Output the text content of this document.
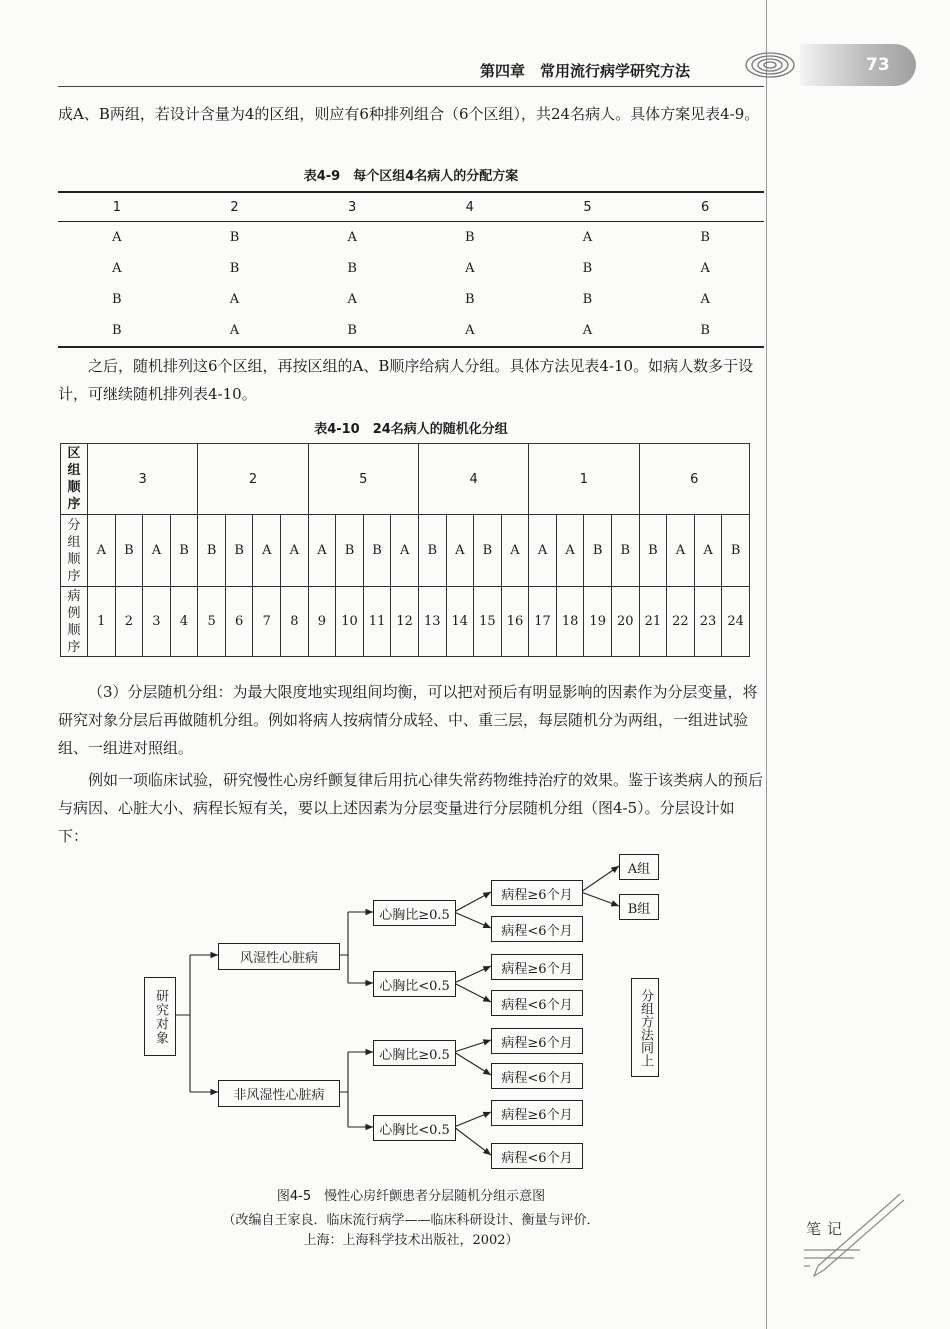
第四章　常用流行病学研究方法	73
成A、B两组，若设计含量为4的区组，则应有6种排列组合（6个区组），共24名病人。具体方案见表4-9。
表4-9　每个区组4名病人的分配方案
1	2	3	4	5	6
A	B	A	B	A	B
A	B	B	A	B	A
B	A	A	B	B	A
B	A	B	A	A	B
之后，随机排列这6个区组，再按区组的A、B顺序给病人分组。具体方法见表4-10。如病人数多于设计，可继续随机排列表4-10。
表4-10　24名病人的随机化分组
区
组
顺
序	3				2				5				4				1				6			
分
组
顺
序	A	B	A	B	B	B	A	A	A	B	B	A	B	A	B	A	A	A	B	B	B	A	A	B
病
例
顺
序	1	2	3	4	5	6	7	8	9	10	11	12	13	14	15	16	17	18	19	20	21	22	23	24
（3）分层随机分组：为最大限度地实现组间均衡，可以把对预后有明显影响的因素作为分层变量，将研究对象分层后再做随机分组。例如将病人按病情分成轻、中、重三层，每层随机分为两组，一组进试验组、一组进对照组。
例如一项临床试验，研究慢性心房纤颤复律后用抗心律失常药物维持治疗的效果。鉴于该类病人的预后与病因、心脏大小、病程长短有关，要以上述因素为分层变量进行分层随机分组（图4-5）。分层设计如下：
研究对象
风湿性心脏病
非风湿性心脏病
心胸比≥0.5
心胸比<0.5
心胸比≥0.5
心胸比<0.5
病程≥6个月
病程<6个月
病程≥6个月
病程<6个月
病程≥6个月
病程<6个月
病程≥6个月
病程<6个月
A组
B组
分组方法同上
图4-5　慢性心房纤颤患者分层随机分组示意图
（改编自王家良．临床流行病学——临床科研设计、衡量与评价．
上海：上海科学技术出版社，2002）
笔记
